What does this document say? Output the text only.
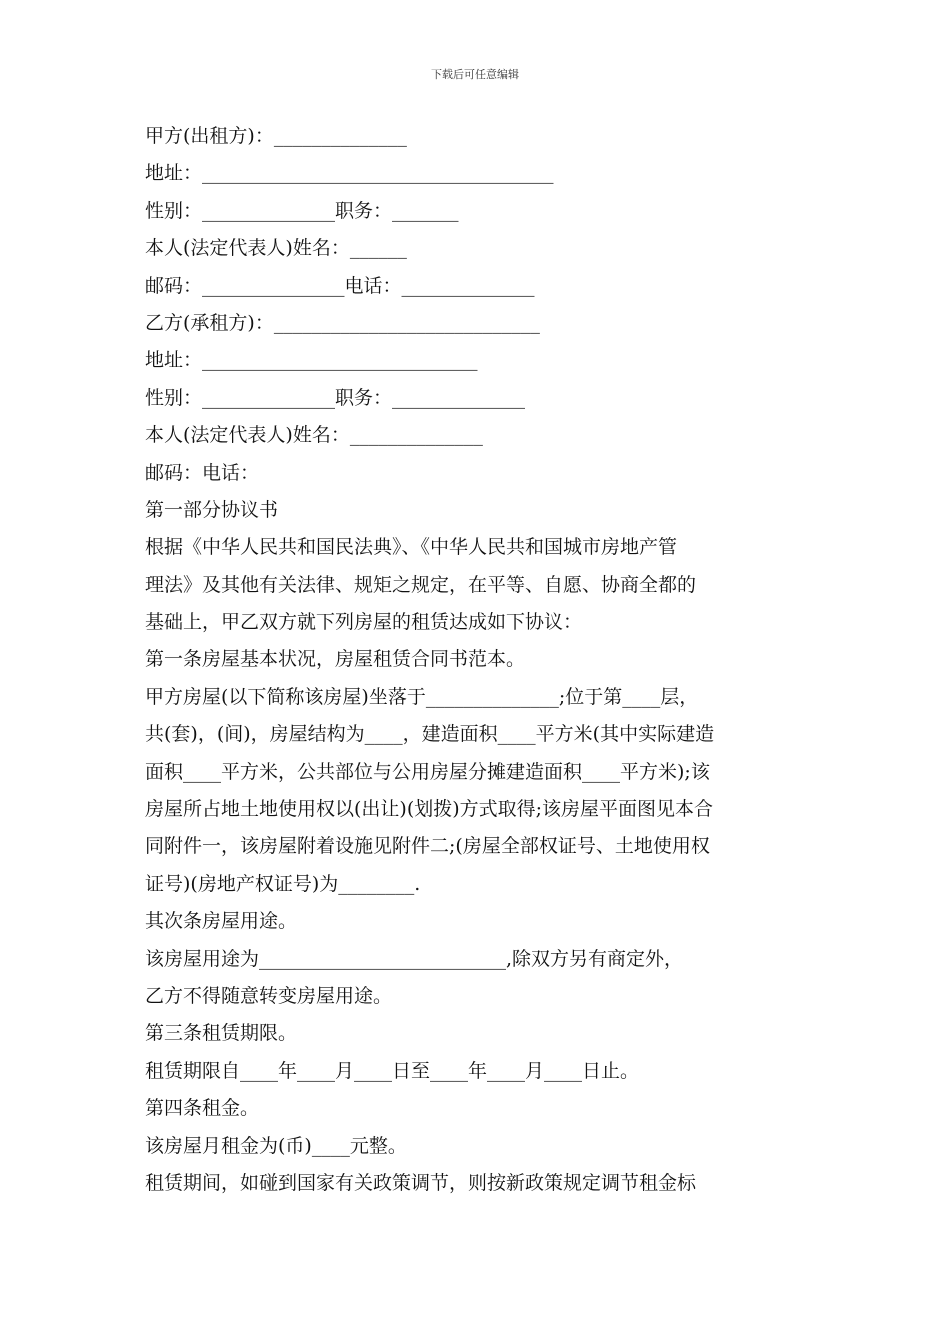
下载后可任意编辑
甲方(出租方)：______________
地址：_____________________________________
性别：______________职务：_______
本人(法定代表人)姓名：______
邮码：_______________电话：______________
乙方(承租方)：____________________________
地址：_____________________________
性别：______________职务：______________
本人(法定代表人)姓名：______________
邮码：电话：
第一部分协议书
根据《中华人民共和国民法典》、《中华人民共和国城市房地产管
理法》及其他有关法律、规矩之规定，在平等、自愿、协商全都的
基础上，甲乙双方就下列房屋的租赁达成如下协议：
第一条房屋基本状况，房屋租赁合同书范本。
甲方房屋(以下简称该房屋)坐落于______________;位于第____层，
共(套)，(间)，房屋结构为____，建造面积____平方米(其中实际建造
面积____平方米，公共部位与公用房屋分摊建造面积____平方米);该
房屋所占地土地使用权以(出让)(划拨)方式取得;该房屋平面图见本合
同附件一，该房屋附着设施见附件二;(房屋全部权证号、土地使用权
证号)(房地产权证号)为________.
其次条房屋用途。
该房屋用途为__________________________,除双方另有商定外，
乙方不得随意转变房屋用途。
第三条租赁期限。
租赁期限自____年____月____日至____年____月____日止。
第四条租金。
该房屋月租金为(币)____元整。
租赁期间，如碰到国家有关政策调节，则按新政策规定调节租金标
